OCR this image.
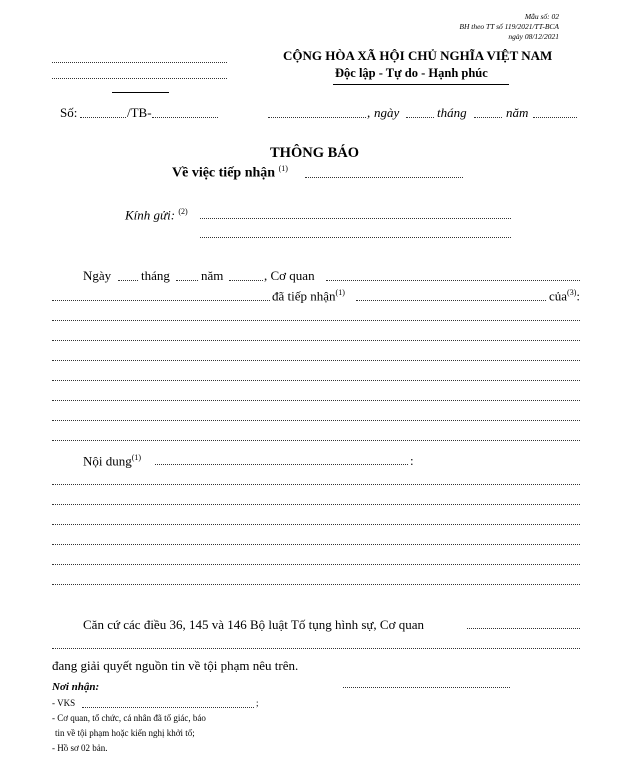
Mẫu số: 02
BH theo TT số 119/2021/TT-BCA
ngày 08/12/2021
CỘNG HÒA XÃ HỘI CHỦ NGHĨA VIỆT NAM
Độc lập - Tự do - Hạnh phúc
Số:	/TB-	, ngày	tháng	năm
THÔNG BÁO
Về việc tiếp nhận $^{(1)}$
Kính gửi: $^{(2)}$
Ngày tháng năm	, Cơ quan
đã tiếp nhận$^{(1)}$	của$^{(3)}$:
Nội dung$^{(1)}$	:
Căn cứ các điều 36, 145 và 146 Bộ luật Tố tụng hình sự, Cơ quan
đang giải quyết nguồn tin về tội phạm nêu trên.
Nơi nhận:
- VKS	;
- Cơ quan, tổ chức, cá nhân đã tố giác, báo
tin về tội phạm hoặc kiến nghị khởi tố;
- Hồ sơ 02 bản.
